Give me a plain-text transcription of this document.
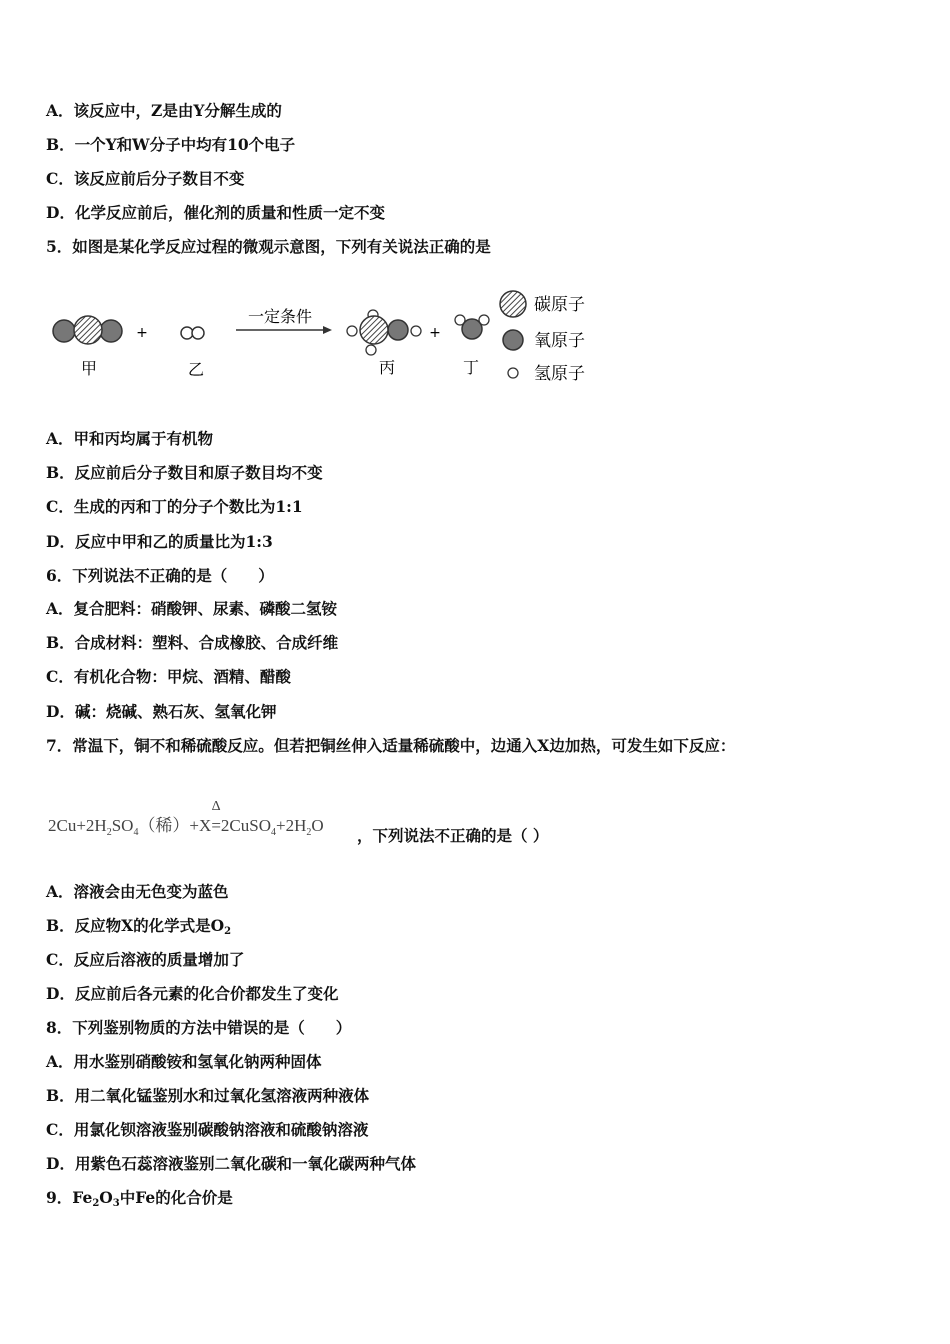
A．该反应中，Z是由Y分解生成的
B．一个Y和W分子中均有10个电子
C．该反应前后分子数目不变
D．化学反应前后，催化剂的质量和性质一定不变
5．如图是某化学反应过程的微观示意图，下列有关说法正确的是
+
一定条件
+
甲	乙	丙	丁
碳原子
氧原子
氢原子
A．甲和丙均属于有机物
B．反应前后分子数目和原子数目均不变
C．生成的丙和丁的分子个数比为1:1
D．反应中甲和乙的质量比为1:3
6．下列说法不正确的是（　　）
A．复合肥料：硝酸钾、尿素、磷酸二氢铵
B．合成材料：塑料、合成橡胶、合成纤维
C．有机化合物：甲烷、酒精、醋酸
D．碱：烧碱、熟石灰、氢氧化钾
7．常温下，铜不和稀硫酸反应。但若把铜丝伸入适量稀硫酸中，边通入X边加热，可发生如下反应：
$2Cu+2H_2SO_4$（稀）+X
Δ
$=2CuSO_4+2H_2O$
，下列说法不正确的是（ ）
A．溶液会由无色变为蓝色
B．反应物X的化学式是$O_2$
C．反应后溶液的质量增加了
D．反应前后各元素的化合价都发生了变化
8．下列鉴别物质的方法中错误的是（　　）
A．用水鉴别硝酸铵和氢氧化钠两种固体
B．用二氧化锰鉴别水和过氧化氢溶液两种液体
C．用氯化钡溶液鉴别碳酸钠溶液和硫酸钠溶液
D．用紫色石蕊溶液鉴别二氧化碳和一氧化碳两种气体
9．$Fe_2O_3$中Fe的化合价是
